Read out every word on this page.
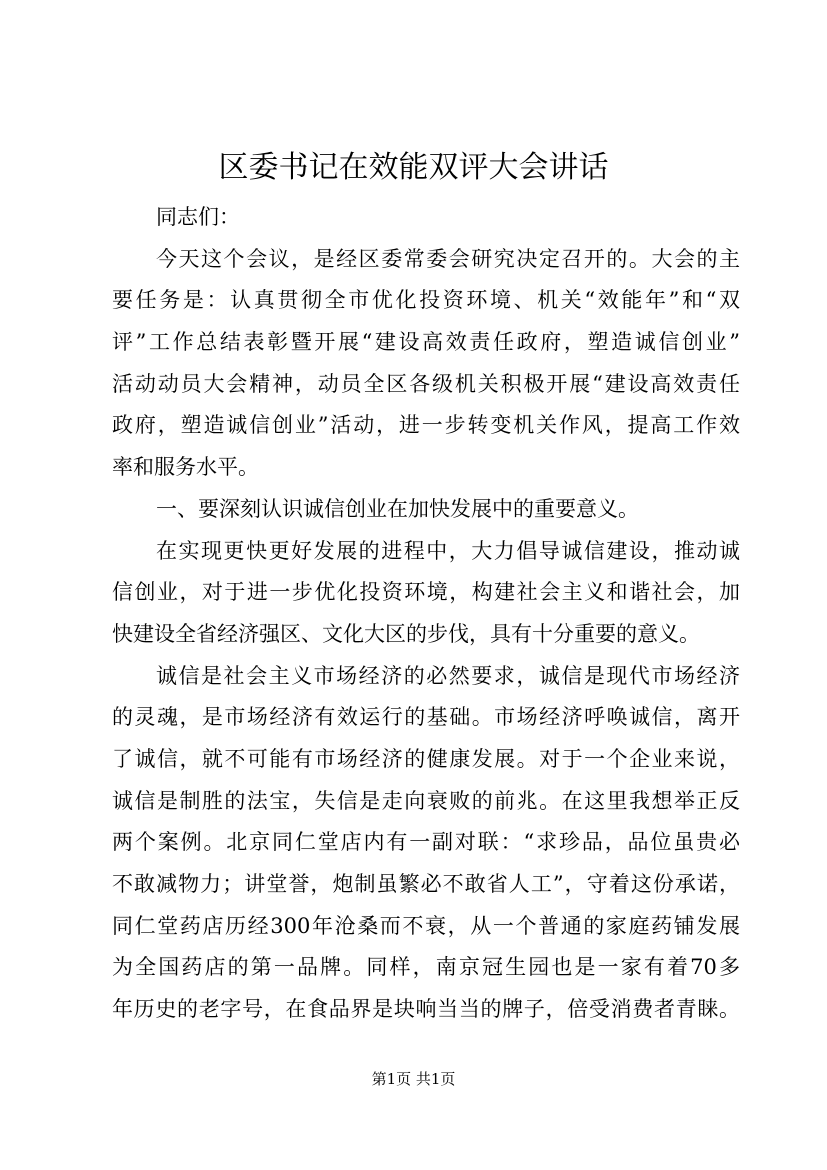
区委书记在效能双评大会讲话
同志们：
今天这个会议，是经区委常委会研究决定召开的。大会的主
要任务是：认真贯彻全市优化投资环境、机关“效能年”和“双
评”工作总结表彰暨开展“建设高效责任政府，塑造诚信创业”
活动动员大会精神，动员全区各级机关积极开展“建设高效责任
政府，塑造诚信创业”活动，进一步转变机关作风，提高工作效
率和服务水平。
一、要深刻认识诚信创业在加快发展中的重要意义。
在实现更快更好发展的进程中，大力倡导诚信建设，推动诚
信创业，对于进一步优化投资环境，构建社会主义和谐社会，加
快建设全省经济强区、文化大区的步伐，具有十分重要的意义。
诚信是社会主义市场经济的必然要求，诚信是现代市场经济
的灵魂，是市场经济有效运行的基础。市场经济呼唤诚信，离开
了诚信，就不可能有市场经济的健康发展。对于一个企业来说，
诚信是制胜的法宝，失信是走向衰败的前兆。在这里我想举正反
两个案例。北京同仁堂店内有一副对联：“求珍品，品位虽贵必
不敢减物力；讲堂誉，炮制虽繁必不敢省人工”，守着这份承诺，
同仁堂药店历经300年沧桑而不衰，从一个普通的家庭药铺发展
为全国药店的第一品牌。同样，南京冠生园也是一家有着70多
年历史的老字号，在食品界是块响当当的牌子，倍受消费者青睐。
第1页 共1页
